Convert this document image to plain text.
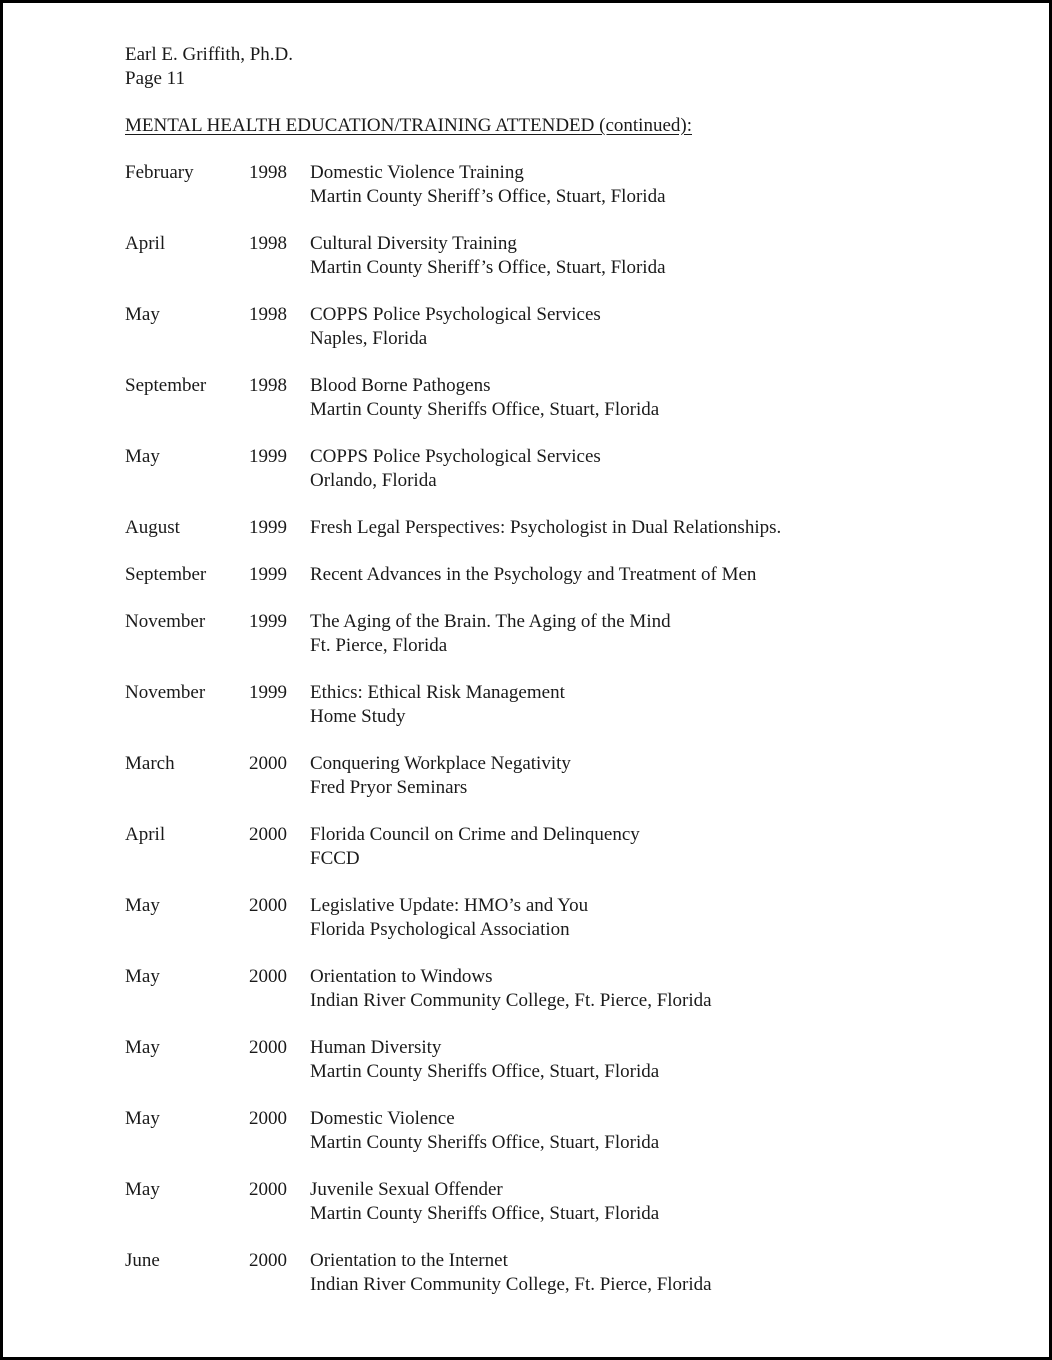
Earl E. Griffith, Ph.D.
Page 11
MENTAL HEALTH EDUCATION/TRAINING ATTENDED (continued):
February	1998 Domestic Violence Training
Martin County Sheriff’s Office, Stuart, Florida
April	1998 Cultural Diversity Training
Martin County Sheriff’s Office, Stuart, Florida
May	1998 COPPS Police Psychological Services
Naples, Florida
September 1998 Blood Borne Pathogens
Martin County Sheriffs Office, Stuart, Florida
May	1999 COPPS Police Psychological Services
Orlando, Florida
August	1999 Fresh Legal Perspectives: Psychologist in Dual Relationships.
September 1999 Recent Advances in the Psychology and Treatment of Men
November 1999 The Aging of the Brain. The Aging of the Mind
Ft. Pierce, Florida
November 1999 Ethics: Ethical Risk Management
Home Study
March	2000 Conquering Workplace Negativity
Fred Pryor Seminars
April	2000 Florida Council on Crime and Delinquency
FCCD
May	2000 Legislative Update: HMO’s and You
Florida Psychological Association
May	2000 Orientation to Windows
Indian River Community College, Ft. Pierce, Florida
May	2000 Human Diversity
Martin County Sheriffs Office, Stuart, Florida
May	2000 Domestic Violence
Martin County Sheriffs Office, Stuart, Florida
May	2000 Juvenile Sexual Offender
Martin County Sheriffs Office, Stuart, Florida
June	2000 Orientation to the Internet
Indian River Community College, Ft. Pierce, Florida
